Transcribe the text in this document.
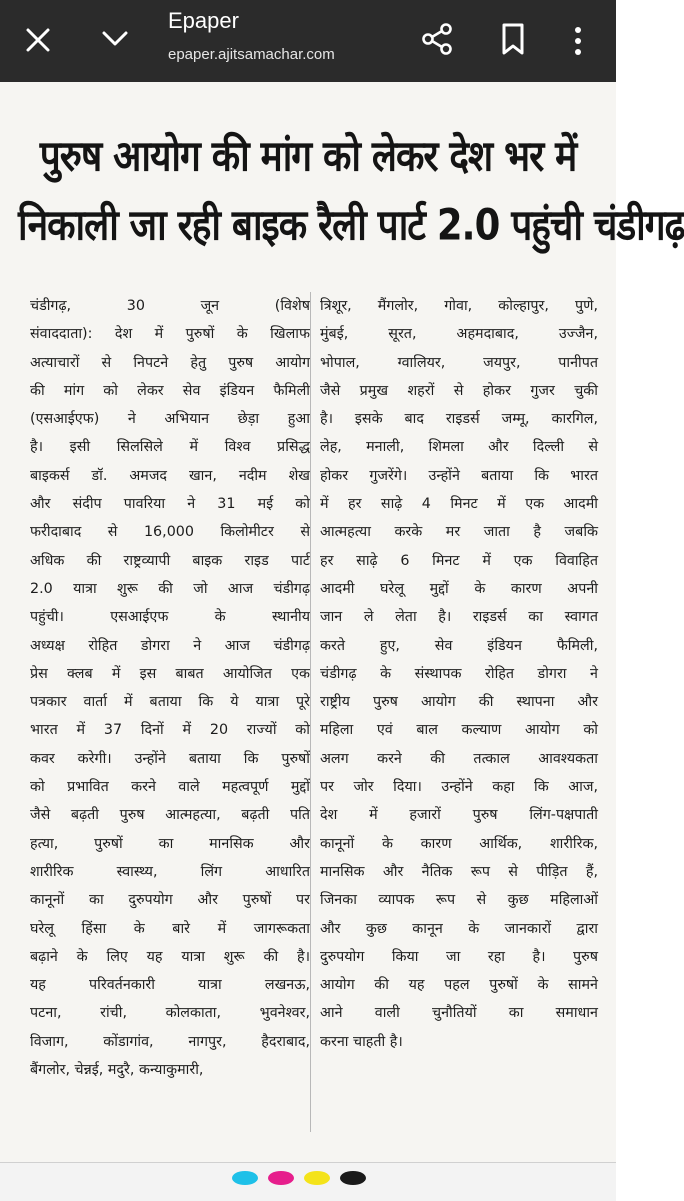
Epaper
epaper.ajitsamachar.com
पुरुष आयोग की मांग को लेकर देश भर में
निकाली जा रही बाइक रैली पार्ट 2.0 पहुंची चंडीगढ़
चंडीगढ़, 30 जून (विशेष
संवाददाता): देश में पुरुषों के खिलाफ
अत्याचारों से निपटने हेतु पुरुष आयोग
की मांग को लेकर सेव इंडियन फैमिली
(एसआईएफ) ने अभियान छेड़ा हुआ
है। इसी सिलसिले में विश्व प्रसिद्ध
बाइकर्स डॉ. अमजद खान, नदीम शेख
और संदीप पावरिया ने 31 मई को
फरीदाबाद से 16,000 किलोमीटर से
अधिक की राष्ट्रव्यापी बाइक राइड पार्ट
2.0 यात्रा शुरू की जो आज चंडीगढ़
पहुंची। एसआईएफ के स्थानीय
अध्यक्ष रोहित डोगरा ने आज चंडीगढ़
प्रेस क्लब में इस बाबत आयोजित एक
पत्रकार वार्ता में बताया कि ये यात्रा पूरे
भारत में 37 दिनों में 20 राज्यों को
कवर करेगी। उन्होंने बताया कि पुरुषों
को प्रभावित करने वाले महत्वपूर्ण मुद्दों
जैसे बढ़ती पुरुष आत्महत्या, बढ़ती पति
हत्या, पुरुषों का मानसिक और
शारीरिक स्वास्थ्य, लिंग आधारित
कानूनों का दुरुपयोग और पुरुषों पर
घरेलू हिंसा के बारे में जागरूकता
बढ़ाने के लिए यह यात्रा शुरू की है।
यह परिवर्तनकारी यात्रा लखनऊ,
पटना, रांची, कोलकाता, भुवनेश्वर,
विजाग, कोंडागांव, नागपुर, हैदराबाद,
बैंगलोर, चेन्नई, मदुरै, कन्याकुमारी,
त्रिशूर, मैंगलोर, गोवा, कोल्हापुर, पुणे,
मुंबई, सूरत, अहमदाबाद, उज्जैन,
भोपाल, ग्वालियर, जयपुर, पानीपत
जैसे प्रमुख शहरों से होकर गुजर चुकी
है। इसके बाद राइडर्स जम्मू, कारगिल,
लेह, मनाली, शिमला और दिल्ली से
होकर गुजरेंगे। उन्होंने बताया कि भारत
में हर साढ़े 4 मिनट में एक आदमी
आत्महत्या करके मर जाता है जबकि
हर साढ़े 6 मिनट में एक विवाहित
आदमी घरेलू मुद्दों के कारण अपनी
जान ले लेता है। राइडर्स का स्वागत
करते हुए, सेव इंडियन फैमिली,
चंडीगढ़ के संस्थापक रोहित डोगरा ने
राष्ट्रीय पुरुष आयोग की स्थापना और
महिला एवं बाल कल्याण आयोग को
अलग करने की तत्काल आवश्यकता
पर जोर दिया। उन्होंने कहा कि आज,
देश में हजारों पुरुष लिंग-पक्षपाती
कानूनों के कारण आर्थिक, शारीरिक,
मानसिक और नैतिक रूप से पीड़ित हैं,
जिनका व्यापक रूप से कुछ महिलाओं
और कुछ कानून के जानकारों द्वारा
दुरुपयोग किया जा रहा है। पुरुष
आयोग की यह पहल पुरुषों के सामने
आने वाली चुनौतियों का समाधान
करना चाहती है।
